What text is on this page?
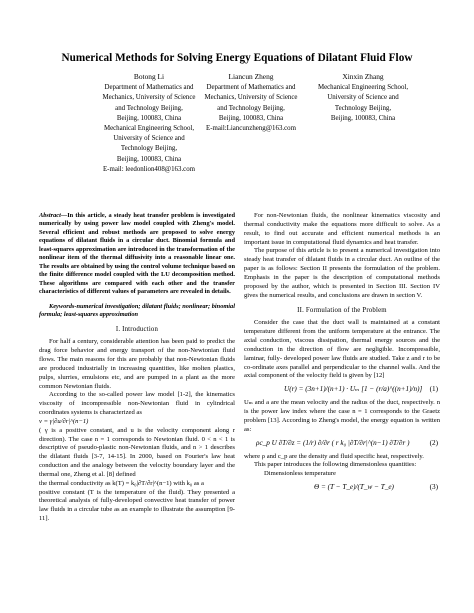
Numerical Methods for Solving Energy Equations of Dilatant Fluid Flow
Botong Li
Department of Mathematics and
Mechanics, University of Science
and Technology Beijing,
Beijing, 100083, China
Mechanical Engineering School,
University of Science and
Technology Beijing,
Beijing, 100083, China
E-mail: leedonlion408@163.com
Liancun Zheng
Department of Mathematics and
Mechanics, University of Science
and Technology Beijing,
Beijing, 100083, China
E-mail:Liancunzheng@163.com
Xinxin Zhang
Mechanical Engineering School,
University of Science and
Technology Beijing,
Beijing, 100083, China
Abstract—In this article, a steady heat transfer problem is investigated numerically by using power law model coupled with Zheng's model. Several efficient and robust methods are proposed to solve energy equations of dilatant fluids in a circular duct. Binomial formula and least-squares approximation are introduced in the transformation of the nonlinear item of the thermal diffusivity into a reasonable linear one. The results are obtained by using the control volume technique based on the finite difference model coupled with the LU decomposition method. These algorithms are compared with each other and the transfer characteristics of different values of parameters are revealed in details.
Keywords-numerical investigation; dilatant fluids; nonlinear; binomial formula; least-squares approximation
I. Introduction

For half a century, considerable attention has been paid to predict the drag force behavior and energy transport of the non-Newtonian fluid flows. The main reasons for this are probably that non-Newtonian fluids are produced industrially in increasing quantities, like molten plastics, pulps, slurries, emulsions etc, and are pumped in a plant as the more common Newtonian fluids.

According to the so-called power law model [1-2], the kinematics viscosity of incompressible non-Newtonian fluid in cylindrical coordinates systems is characterized as

ν = γ|∂u/∂r|^(n−1)

( γ is a positive constant, and u is the velocity component along r direction). The case n = 1 corresponds to Newtonian fluid. 0 < n < 1 is descriptive of pseudo-plastic non-Newtonian fluids, and n > 1 describes the dilatant fluids [3-7, 14-15]. In 2000, based on Fourier's law heat conduction and the analogy between the velocity boundary layer and the thermal one, Zheng et al. [8] defined

the thermal conductivity as k(T) = k₀|∂T/∂r|^(n−1) with k₀ as a

positive constant (T is the temperature of the fluid). They presented a theoretical analysis of fully-developed convective heat transfer of power law fluids in a circular tube as an example to illustrate the assumption [9-11].

For non-Newtonian fluids, the nonlinear kinematics viscosity and thermal conductivity make the equations more difficult to solve. As a result, to find out accurate and efficient numerical methods is an important issue in computational fluid dynamics and heat transfer.

The purpose of this article is to present a numerical investigation into steady heat transfer of dilatant fluids in a circular duct. An outline of the paper is as follows: Section II presents the formulation of the problem. Emphasis in the paper is the description of computational methods proposed by the author, which is presented in Section III. Section IV gives the numerical results, and conclusions are drawn in section V.

II. Formulation of the Problem

Consider the case that the duct wall is maintained at a constant temperature different from the uniform temperature at the entrance. The axial conduction, viscous dissipation, thermal energy sources and the conduction in the direction of flow are negligible. Incompressible, laminar, fully- developed power law fluids are studied. Take z and r to be co-ordinate axes parallel and perpendicular to the channel walls. And the axial component of the velocity field is given by [12]

U(r) = (3n+1)/(n+1) · Uₘ [1 − (r/a)^((n+1)/n)] (1)

Uₘ and a are the mean velocity and the radius of the duct, respectively. n is the power law index where the case n = 1 corresponds to the Graetz problem [13]. According to Zheng's model, the energy equation is written as:

ρc_p U ∂T/∂z = (1/r) ∂/∂r ( r k₀ |∂T/∂r|^(n−1) ∂T/∂r )	(2)

where ρ and c_p are the density and fluid specific heat, respectively.

This paper introduces the following dimensionless quantities:

Dimensionless temperature

Θ = (T − T_e)/(T_w − T_e)	(3)
